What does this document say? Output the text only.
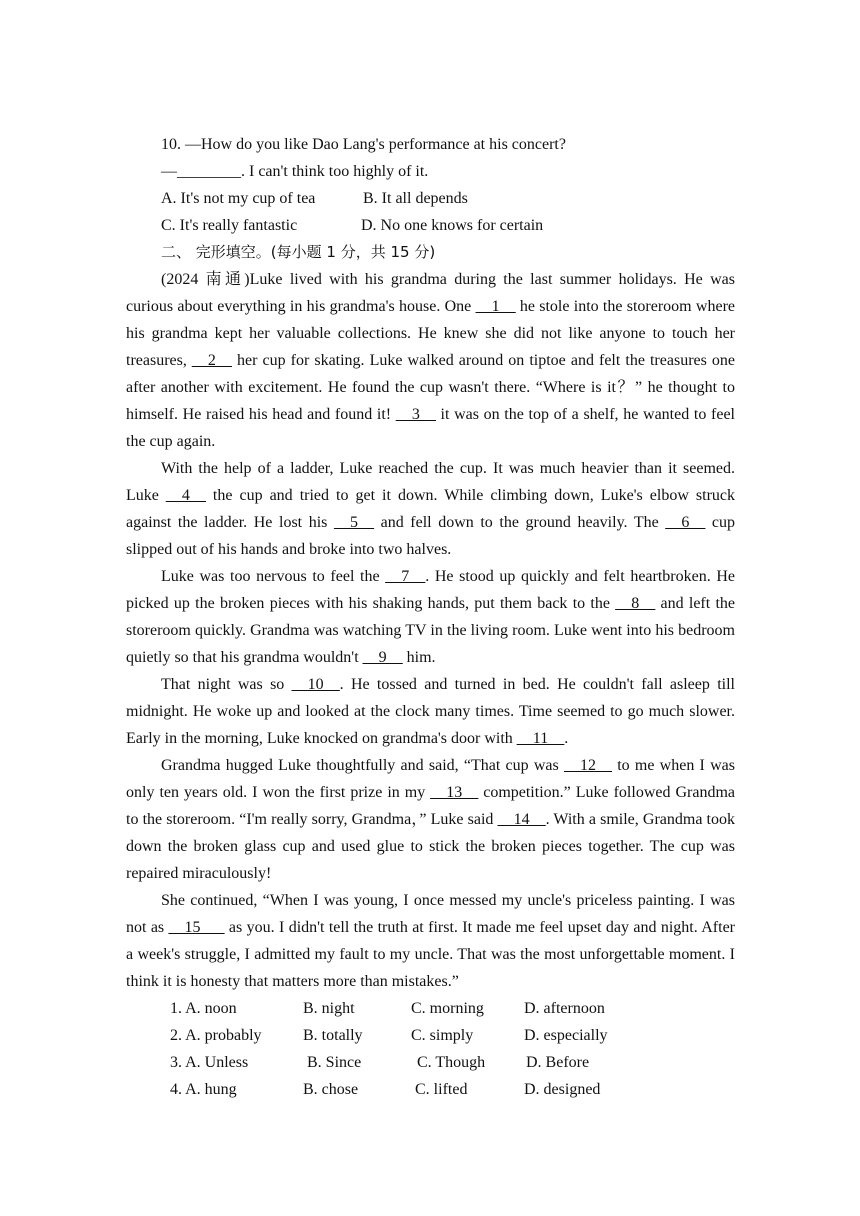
10. —How do you like Dao Lang's performance at his concert?
—________. I can't think too highly of it.
A. It's not my cup of tea	B. It all depends
C. It's really fantastic	D. No one knows for certain
二、 完形填空。(每小题 1 分，共 15 分)
(2024 南通)Luke lived with his grandma during the last summer holidays. He was curious about everything in his grandma's house. One __1__ he stole into the storeroom where his grandma kept her valuable collections. He knew she did not like anyone to touch her treasures, __2__ her cup for skating. Luke walked around on tiptoe and felt the treasures one after another with excitement. He found the cup wasn't there. “Where is it？” he thought to himself. He raised his head and found it! __3__ it was on the top of a shelf, he wanted to feel the cup again.
With the help of a ladder, Luke reached the cup. It was much heavier than it seemed. Luke __4__ the cup and tried to get it down. While climbing down, Luke's elbow struck against the ladder. He lost his __5__ and fell down to the ground heavily. The __6__ cup slipped out of his hands and broke into two halves.
Luke was too nervous to feel the __7__. He stood up quickly and felt heartbroken. He picked up the broken pieces with his shaking hands, put them back to the __8__ and left the storeroom quickly. Grandma was watching TV in the living room. Luke went into his bedroom quietly so that his grandma wouldn't __9__ him.
That night was so __10__. He tossed and turned in bed. He couldn't fall asleep till midnight. He woke up and looked at the clock many times. Time seemed to go much slower. Early in the morning, Luke knocked on grandma's door with __11__.
Grandma hugged Luke thoughtfully and said, “That cup was __12__ to me when I was only ten years old. I won the first prize in my __13__ competition.” Luke followed Grandma to the storeroom. “I'm really sorry, Grandma，” Luke said __14__. With a smile, Grandma took down the broken glass cup and used glue to stick the broken pieces together. The cup was repaired miraculously!
She continued, “When I was young, I once messed my uncle's priceless painting. I was not as __15___ as you. I didn't tell the truth at first. It made me feel upset day and night. After a week's struggle, I admitted my fault to my uncle. That was the most unforgettable moment. I think it is honesty that matters more than mistakes.”
1. A. noon	B. night	C. morning	D. afternoon
2. A. probably	B. totally	C. simply	D. especially
3. A. Unless	B. Since	C. Though	D. Before
4. A. hung	B. chose	C. lifted	D. designed
